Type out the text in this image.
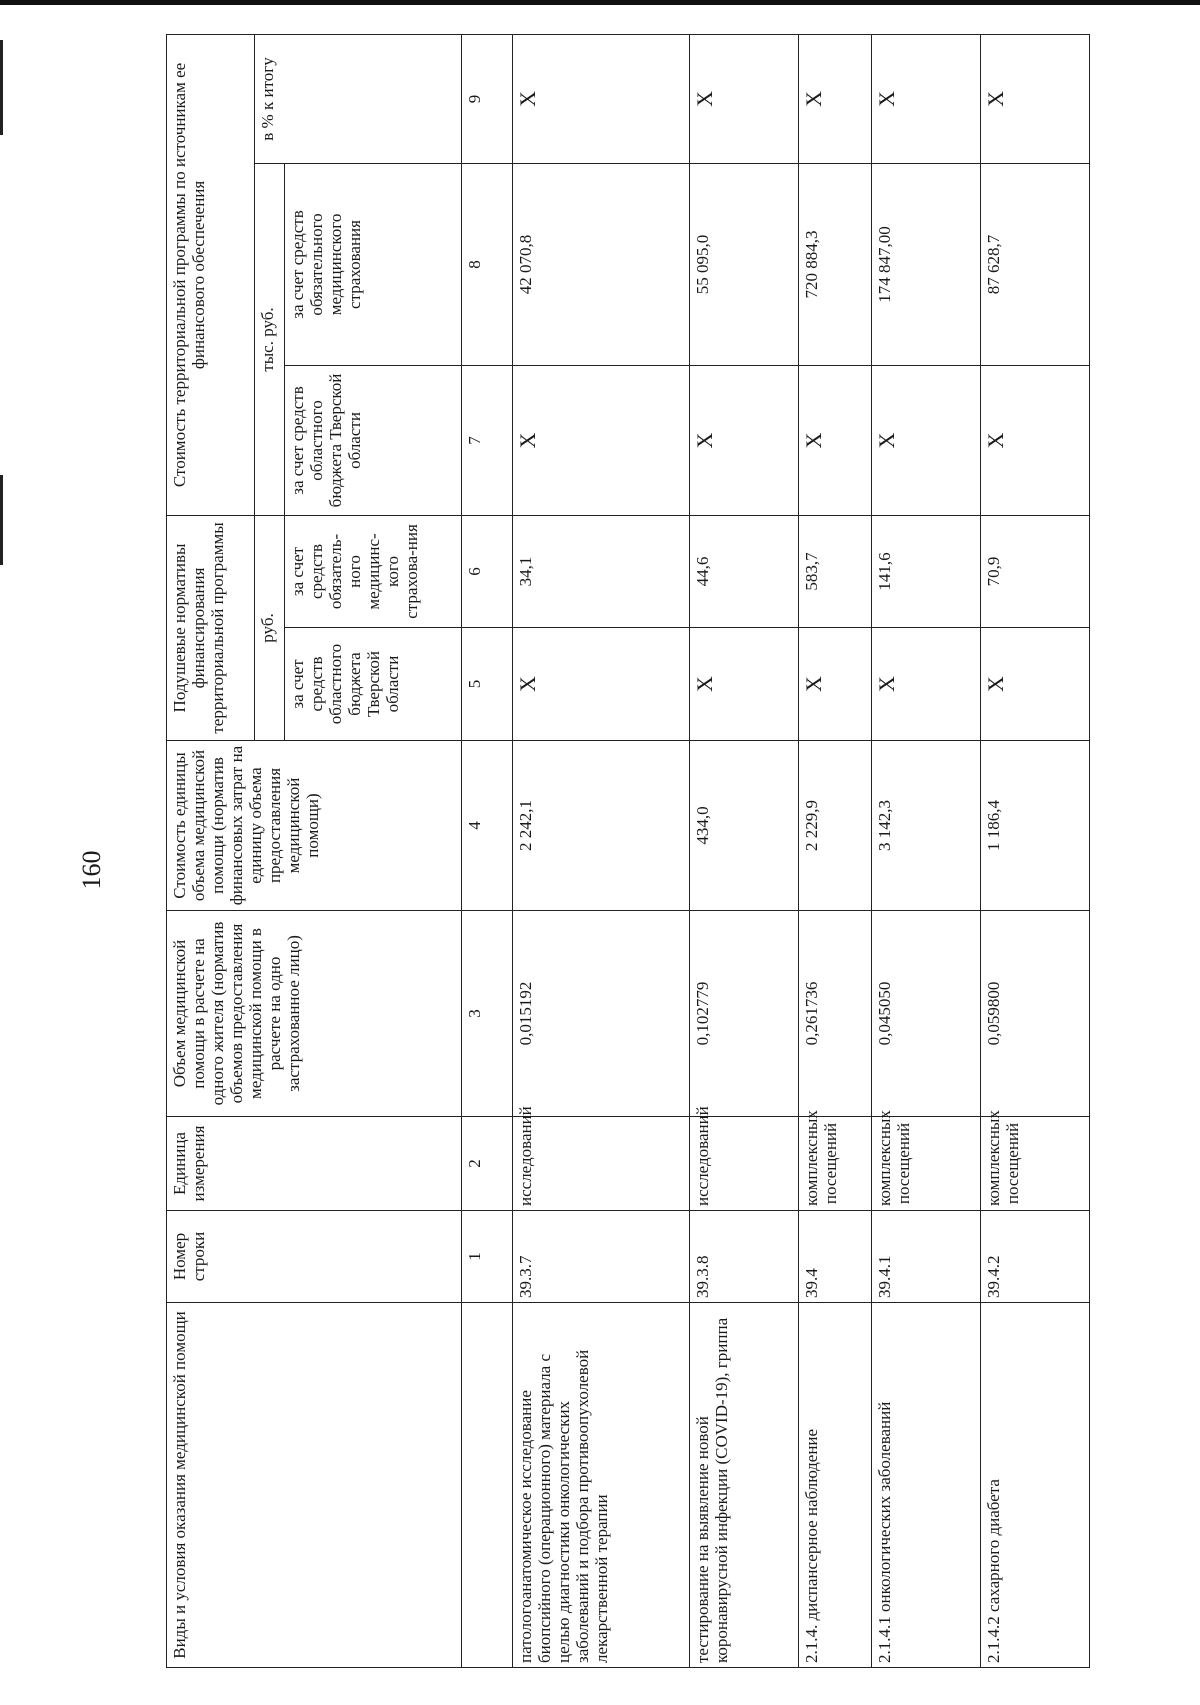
160
Виды и условия оказания медицинской помощи	Номер строки	Единица измерения	Объем медицинской помощи в расчете на одного жителя (норматив объемов предоставления медицинской помощи в расчете на одно застрахованное лицо)	Стоимость единицы объема медицинской помощи (норматив финансовых затрат на единицу объема предоставления медицинской помощи)	Подушевые нормативы финансирования территориальной программы		Стоимость территориальной программы по источникам ее финансового обеспечения		
					руб.		тыс. руб.		в % к итогу
					за счет средств областного бюджета Тверской области	за счет средств обязатель-ного медицинс-кого страхова-ния	за счет средств областного бюджета Тверской области	за счет средств обязательного медицинского страхования	
	1	2	3	4	5	6	7	8	9
патологоанатомическое исследование биопсийного (операционного) материала с целью диагностики онкологических заболеваний и подбора противоопухолевой лекарственной терапии	39.3.7	исследований	0,015192	2 242,1	Х	34,1	Х	42 070,8	Х
тестирование на выявление новой коронавирусной инфекции (COVID-19), гриппа	39.3.8	исследований	0,102779	434,0	Х	44,6	Х	55 095,0	Х
2.1.4. диспансерное наблюдение	39.4	комплексных посещений	0,261736	2 229,9	Х	583,7	Х	720 884,3	Х
2.1.4.1 онкологических заболеваний	39.4.1	комплексных посещений	0,045050	3 142,3	Х	141,6	Х	174 847,00	Х
2.1.4.2 сахарного диабета	39.4.2	комплексных посещений	0,059800	1 186,4	Х	70,9	Х	87 628,7	Х
